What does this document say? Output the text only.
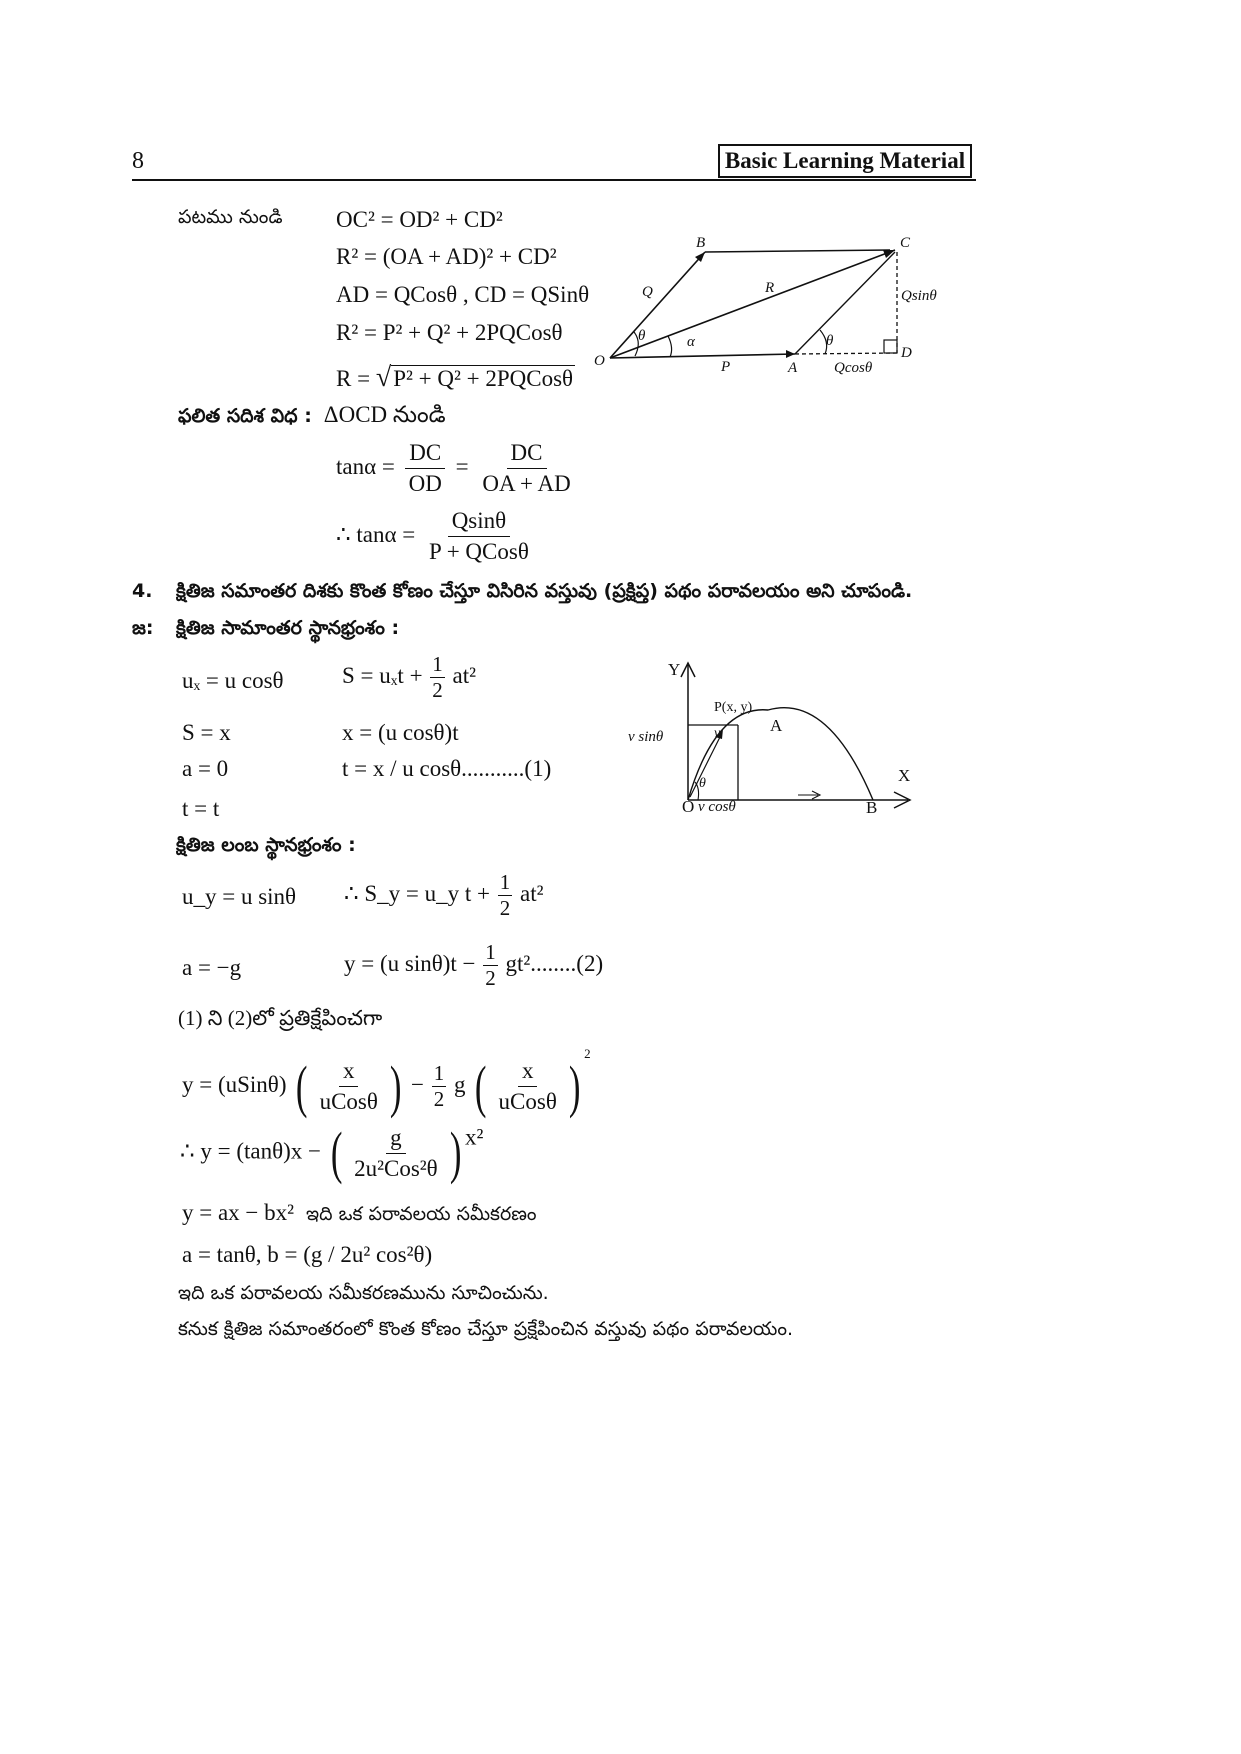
8	Basic Learning Material
పటము నుండి OC² = OD² + CD²
R² = (OA + AD)² + CD²
AD = QCosθ , CD = QSinθ
R² = P² + Q² + 2PQCosθ
R = √P² + Q² + 2PQCosθ
B	C
Q	R	Qsinθ
θ	α	θ
O	P	A Qcosθ
D
ఫలిత సదిశ విధ : ΔOCD నుండి
$\tan\alpha = \frac{DC}{OD} = \frac{DC}{OA + AD}$
∴ $\tan\alpha = \frac{Qsin\theta}{\text{P + QCosθ}}$
4. క్షితిజ సమాంతర దిశకు కొంత కోణం చేస్తూ విసిరిన వస్తువు (ప్రక్షిప్త) పథం పరావలయం అని చూపండి.
జ: క్షితిజ సామాంతర స్థానభ్రంశం :
uₓ = u cosθ	$S = u_xt + \frac{1}{2} at^2$
S = x	x = (u cosθ)t
a = 0	t = x / u cosθ...........(1)
t = t
Y
P(x, y)
A
v sinθ	v
θ	X
O v cosθ	B
క్షితిజ లంబ స్థానభ్రంశం :
u_y = u sinθ ∴ S_y = u_y $t + \frac{1}{2} at^2$
a = −g	y = (u $\sin\theta)t - \frac{1}{2} gt^2........(2)$
(1) ని (2)లో ప్రతిక్షేపించగా
y = (uSinθ) ( $\frac{x}{\text{uCosθ}}$ ) − $\frac{1}{2}$ g ( $\frac{x}{\text{uCosθ}} )^2$
∴ y = (tanθ)x − ( $\frac{g}{\text{2u²Cos²θ}}$ ) x²
y = ax − bx² ఇది ఒక పరావలయ సమీకరణం
a = tanθ, b = (g / 2u² cos²θ)
ఇది ఒక పరావలయ సమీకరణమును సూచించును.
కనుక క్షితిజ సమాంతరంలో కొంత కోణం చేస్తూ ప్రక్షేపించిన వస్తువు పథం పరావలయం.
